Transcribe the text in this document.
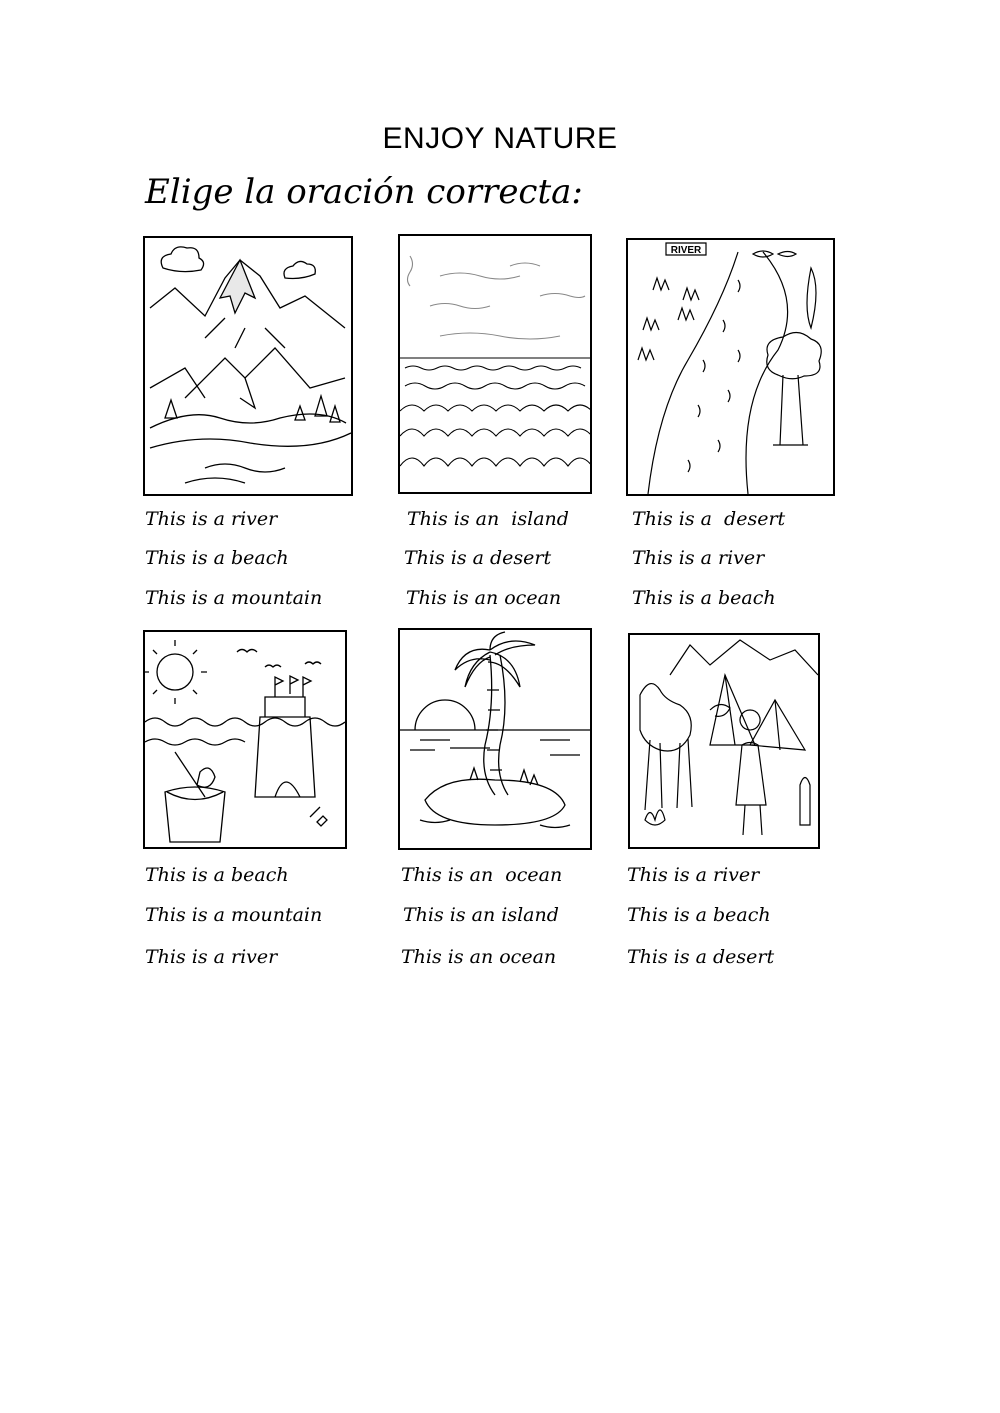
ENJOY NATURE
Elige la oración correcta:
RIVER
This is a river
This is a beach
This is a mountain
This is an  island
This is a desert
This is an ocean
This is a  desert
This is a river
This is a beach
This is a beach
This is a mountain
This is a river
This is an  ocean
This is an island
This is an ocean
This is a river
This is a beach
This is a desert
